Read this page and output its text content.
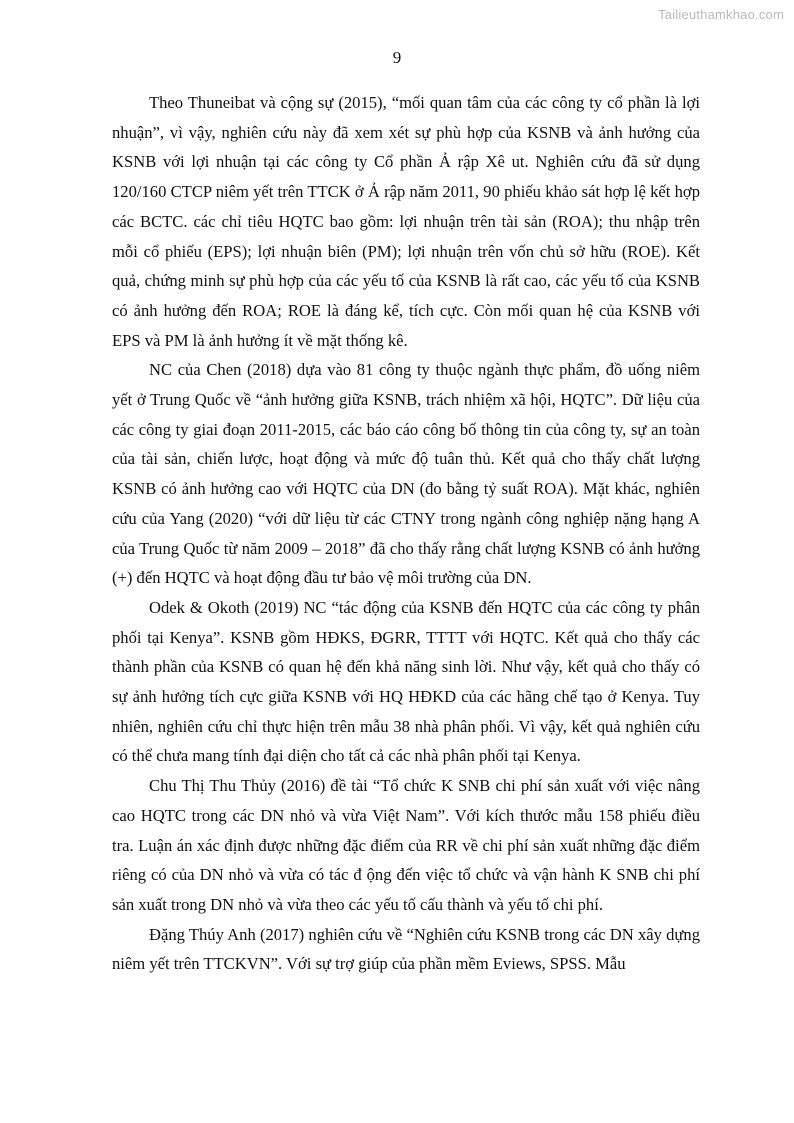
Tailieuthamkhao.com
9

Theo Thuneibat và cộng sự (2015), “mối quan tâm của các công ty cổ phần là lợi nhuận”, vì vậy, nghiên cứu này đã xem xét sự phù hợp của KSNB và ảnh hưởng của KSNB với lợi nhuận tại các công ty Cổ phần Ả rập Xê ut. Nghiên cứu đã sử dụng 120/160 CTCP niêm yết trên TTCK ở Ả rập năm 2011, 90 phiếu khảo sát hợp lệ kết hợp các BCTC. các chỉ tiêu HQTC bao gồm: lợi nhuận trên tài sản (ROA); thu nhập trên mỗi cổ phiếu (EPS); lợi nhuận biên (PM); lợi nhuận trên vốn chủ sở hữu (ROE). Kết quả, chứng minh sự phù hợp của các yếu tố của KSNB là rất cao, các yếu tố của KSNB có ảnh hưởng đến ROA; ROE là đáng kể, tích cực. Còn mối quan hệ của KSNB với EPS và PM là ảnh hưởng ít về mặt thống kê.

NC của Chen (2018) dựa vào 81 công ty thuộc ngành thực phẩm, đồ uống niêm yết ở Trung Quốc về “ảnh hưởng giữa KSNB, trách nhiệm xã hội, HQTC”. Dữ liệu của các công ty giai đoạn 2011-2015, các báo cáo công bố thông tin của công ty, sự an toàn của tài sản, chiến lược, hoạt động và mức độ tuân thủ. Kết quả cho thấy chất lượng KSNB có ảnh hưởng cao với HQTC của DN (đo bằng tỷ suất ROA). Mặt khác, nghiên cứu của Yang (2020) “với dữ liệu từ các CTNY trong ngành công nghiệp nặng hạng A của Trung Quốc từ năm 2009 – 2018” đã cho thấy rằng chất lượng KSNB có ảnh hưởng (+) đến HQTC và hoạt động đầu tư bảo vệ môi trường của DN.

Odek & Okoth (2019) NC “tác động của KSNB đến HQTC của các công ty phân phối tại Kenya”. KSNB gồm HĐKS, ĐGRR, TTTT với HQTC. Kết quả cho thấy các thành phần của KSNB có quan hệ đến khả năng sinh lời. Như vậy, kết quả cho thấy có sự ảnh hưởng tích cực giữa KSNB với HQ HĐKD của các hãng chế tạo ở Kenya. Tuy nhiên, nghiên cứu chỉ thực hiện trên mẫu 38 nhà phân phối. Vì vậy, kết quả nghiên cứu có thể chưa mang tính đại diện cho tất cả các nhà phân phối tại Kenya.

Chu Thị Thu Thủy (2016) đề tài “Tổ chức K SNB chi phí sản xuất với việc nâng cao HQTC trong các DN nhỏ và vừa Việt Nam”. Với kích thước mẫu 158 phiếu điều tra. Luận án xác định được những đặc điểm của RR về chi phí sản xuất những đặc điểm riêng có của DN nhỏ và vừa có tác đ ộng đến việc tổ chức và vận hành K SNB chi phí sản xuất trong DN nhỏ và vừa theo các yếu tố cấu thành và yếu tố chi phí.

Đặng Thúy Anh (2017) nghiên cứu về “Nghiên cứu KSNB trong các DN xây dựng niêm yết trên TTCKVN”. Với sự trợ giúp của phần mềm Eviews, SPSS. Mẫu
